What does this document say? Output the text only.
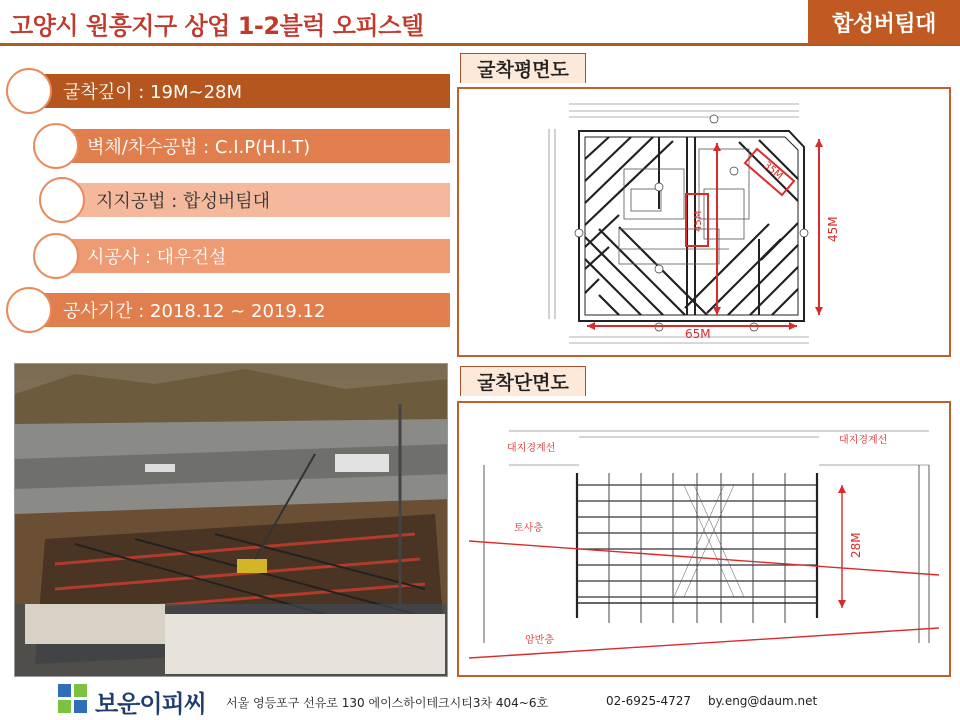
고양시 원흥지구 상업 1-2블럭 오피스텔	합성버팀대
굴착깊이 : 19M~28M
벽체/차수공법 : C.I.P(H.I.T)
지지공법 : 합성버팀대
시공사 : 대우건설
공사기간 : 2018.12 ~ 2019.12
굴착평면도
65M
45M
45M
35M
굴착단면도
대지경계선
대지경계선
토사층
암반층
28M
보운이피씨 서울 영등포구 선유로 130 에이스하이테크시티3차 404~6호	02-6925-4727 by.eng@daum.net
